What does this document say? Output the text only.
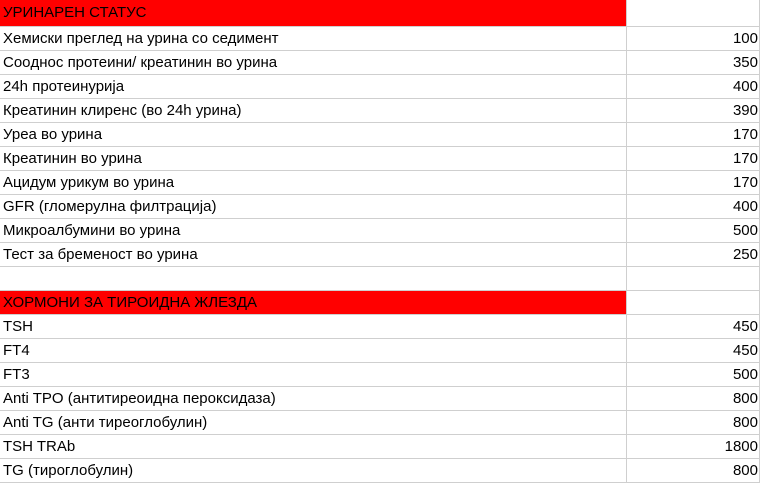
УРИНАРЕН СТАТУС	
Хемиски преглед на урина со седимент	100
Соoднос протеини/ креатинин во урина	350
24h протеинурија	400
Креатинин клиренс (во 24h урина)	390
Уреа во урина	170
Креатинин во урина	170
Ацидум урикум во урина	170
GFR (гломерулна филтрација)	400
Микроалбумини во урина	500
Тест за бременост во урина	250

ХОРМОНИ ЗА ТИРОИДНА ЖЛЕЗДА	
TSH	450
FT4	450
FT3	500
Anti TPO (антитиреоидна пероксидаза)	800
Anti TG (анти тиреоглобулин)	800
TSH TRAb	1800
TG (тироглобулин)	800
